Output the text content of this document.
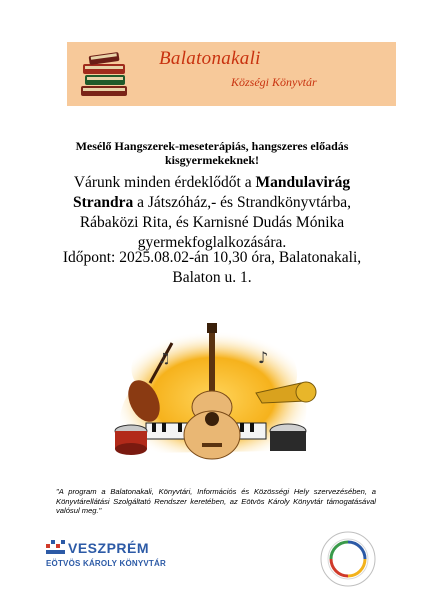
Balatonakali
Községi Könyvtár
Mesélő Hangszerek-meseterápiás, hangszeres előadás
kisgyermekeknek!
Várunk minden érdeklődőt a Mandulavirág
Strandra a Játszóház,- és Strandkönyvtárba,
Rábaközi Rita, és Karnisné Dudás Mónika
gyermekfoglalkozására.
Időpont: 2025.08.02-án 10,30 óra, Balatonakali,
Balaton u. 1.
♪
♫
"A program a Balatonakali, Könyvtári, Információs és Közösségi Hely szervezésében, a Könyvtárellátási Szolgáltató Rendszer keretében, az Eötvös Károly Könyvtár támogatásával valósul meg."
VESZPRÉM
EÖTVÖS KÁROLY KÖNYVTÁR
